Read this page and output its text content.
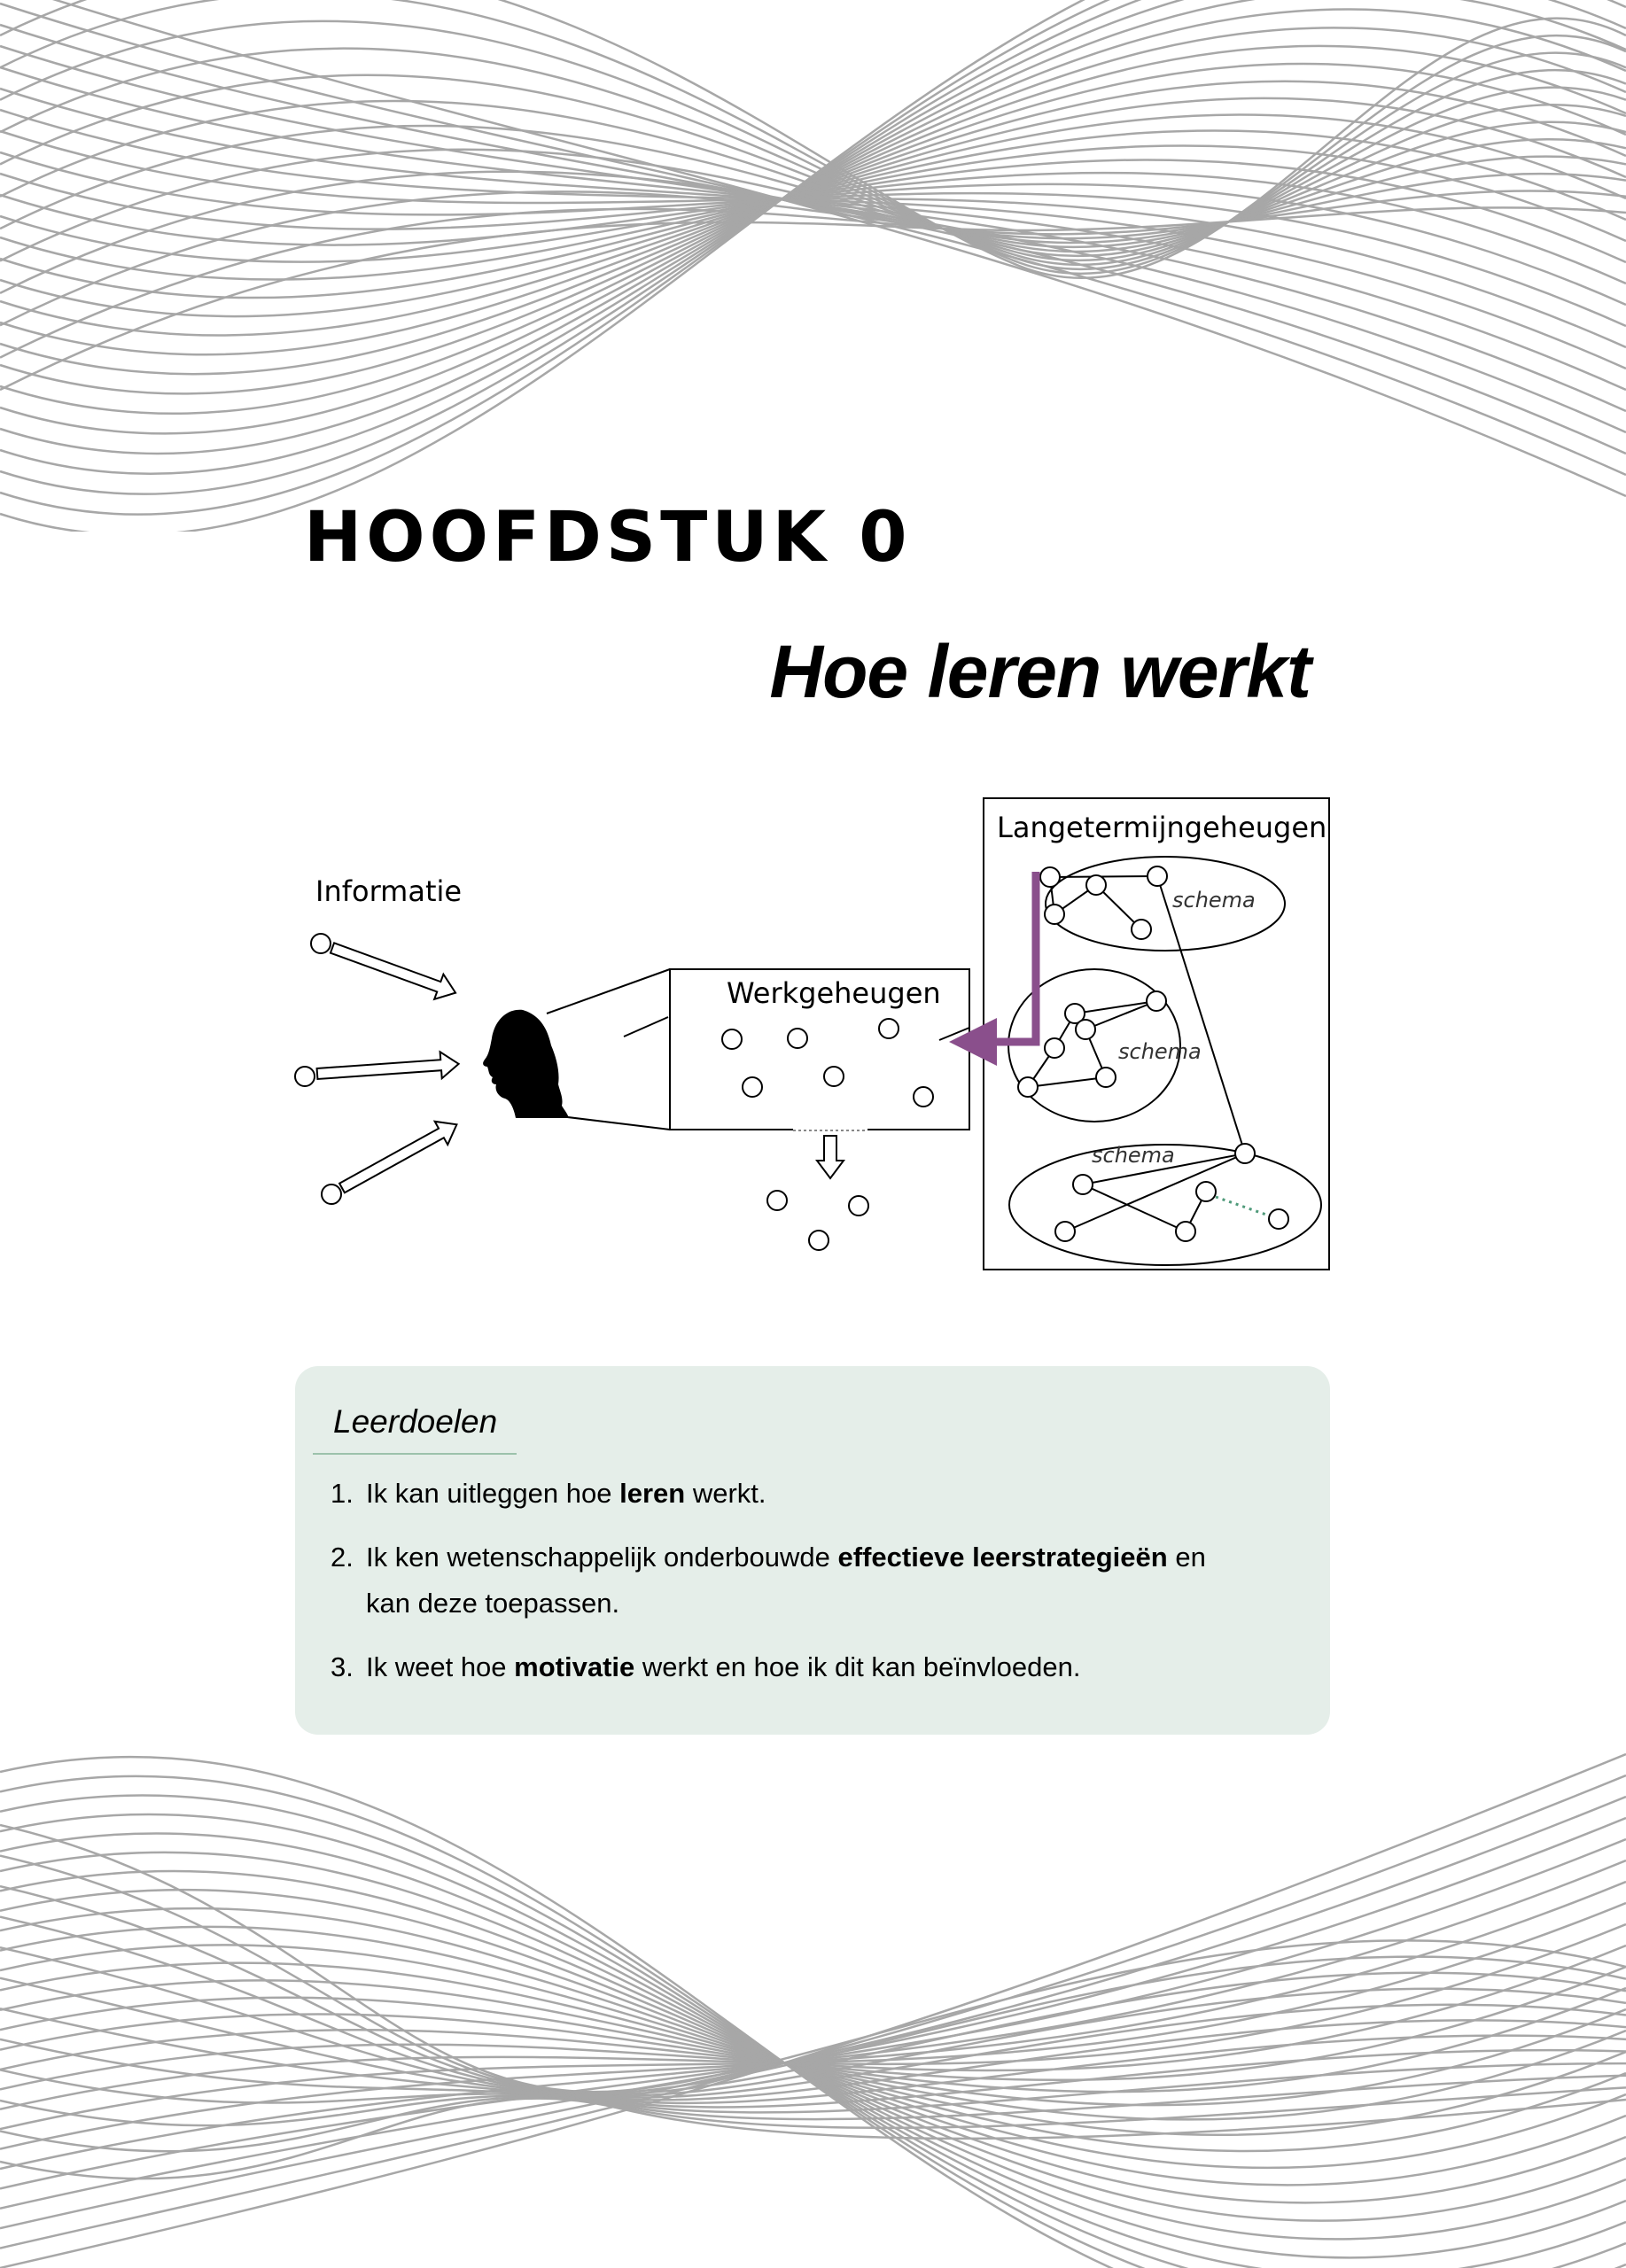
HOOFDSTUK 0
Hoe leren werkt
Informatie
Werkgeheugen
Langetermijngeheugen
schema
schema
schema
Leerdoelen
1. Ik kan uitleggen hoe leren werkt.
2. Ik ken wetenschappelijk onderbouwde effectieve leerstrategieën en kan deze toepassen.
3. Ik weet hoe motivatie werkt en hoe ik dit kan beïnvloeden.
